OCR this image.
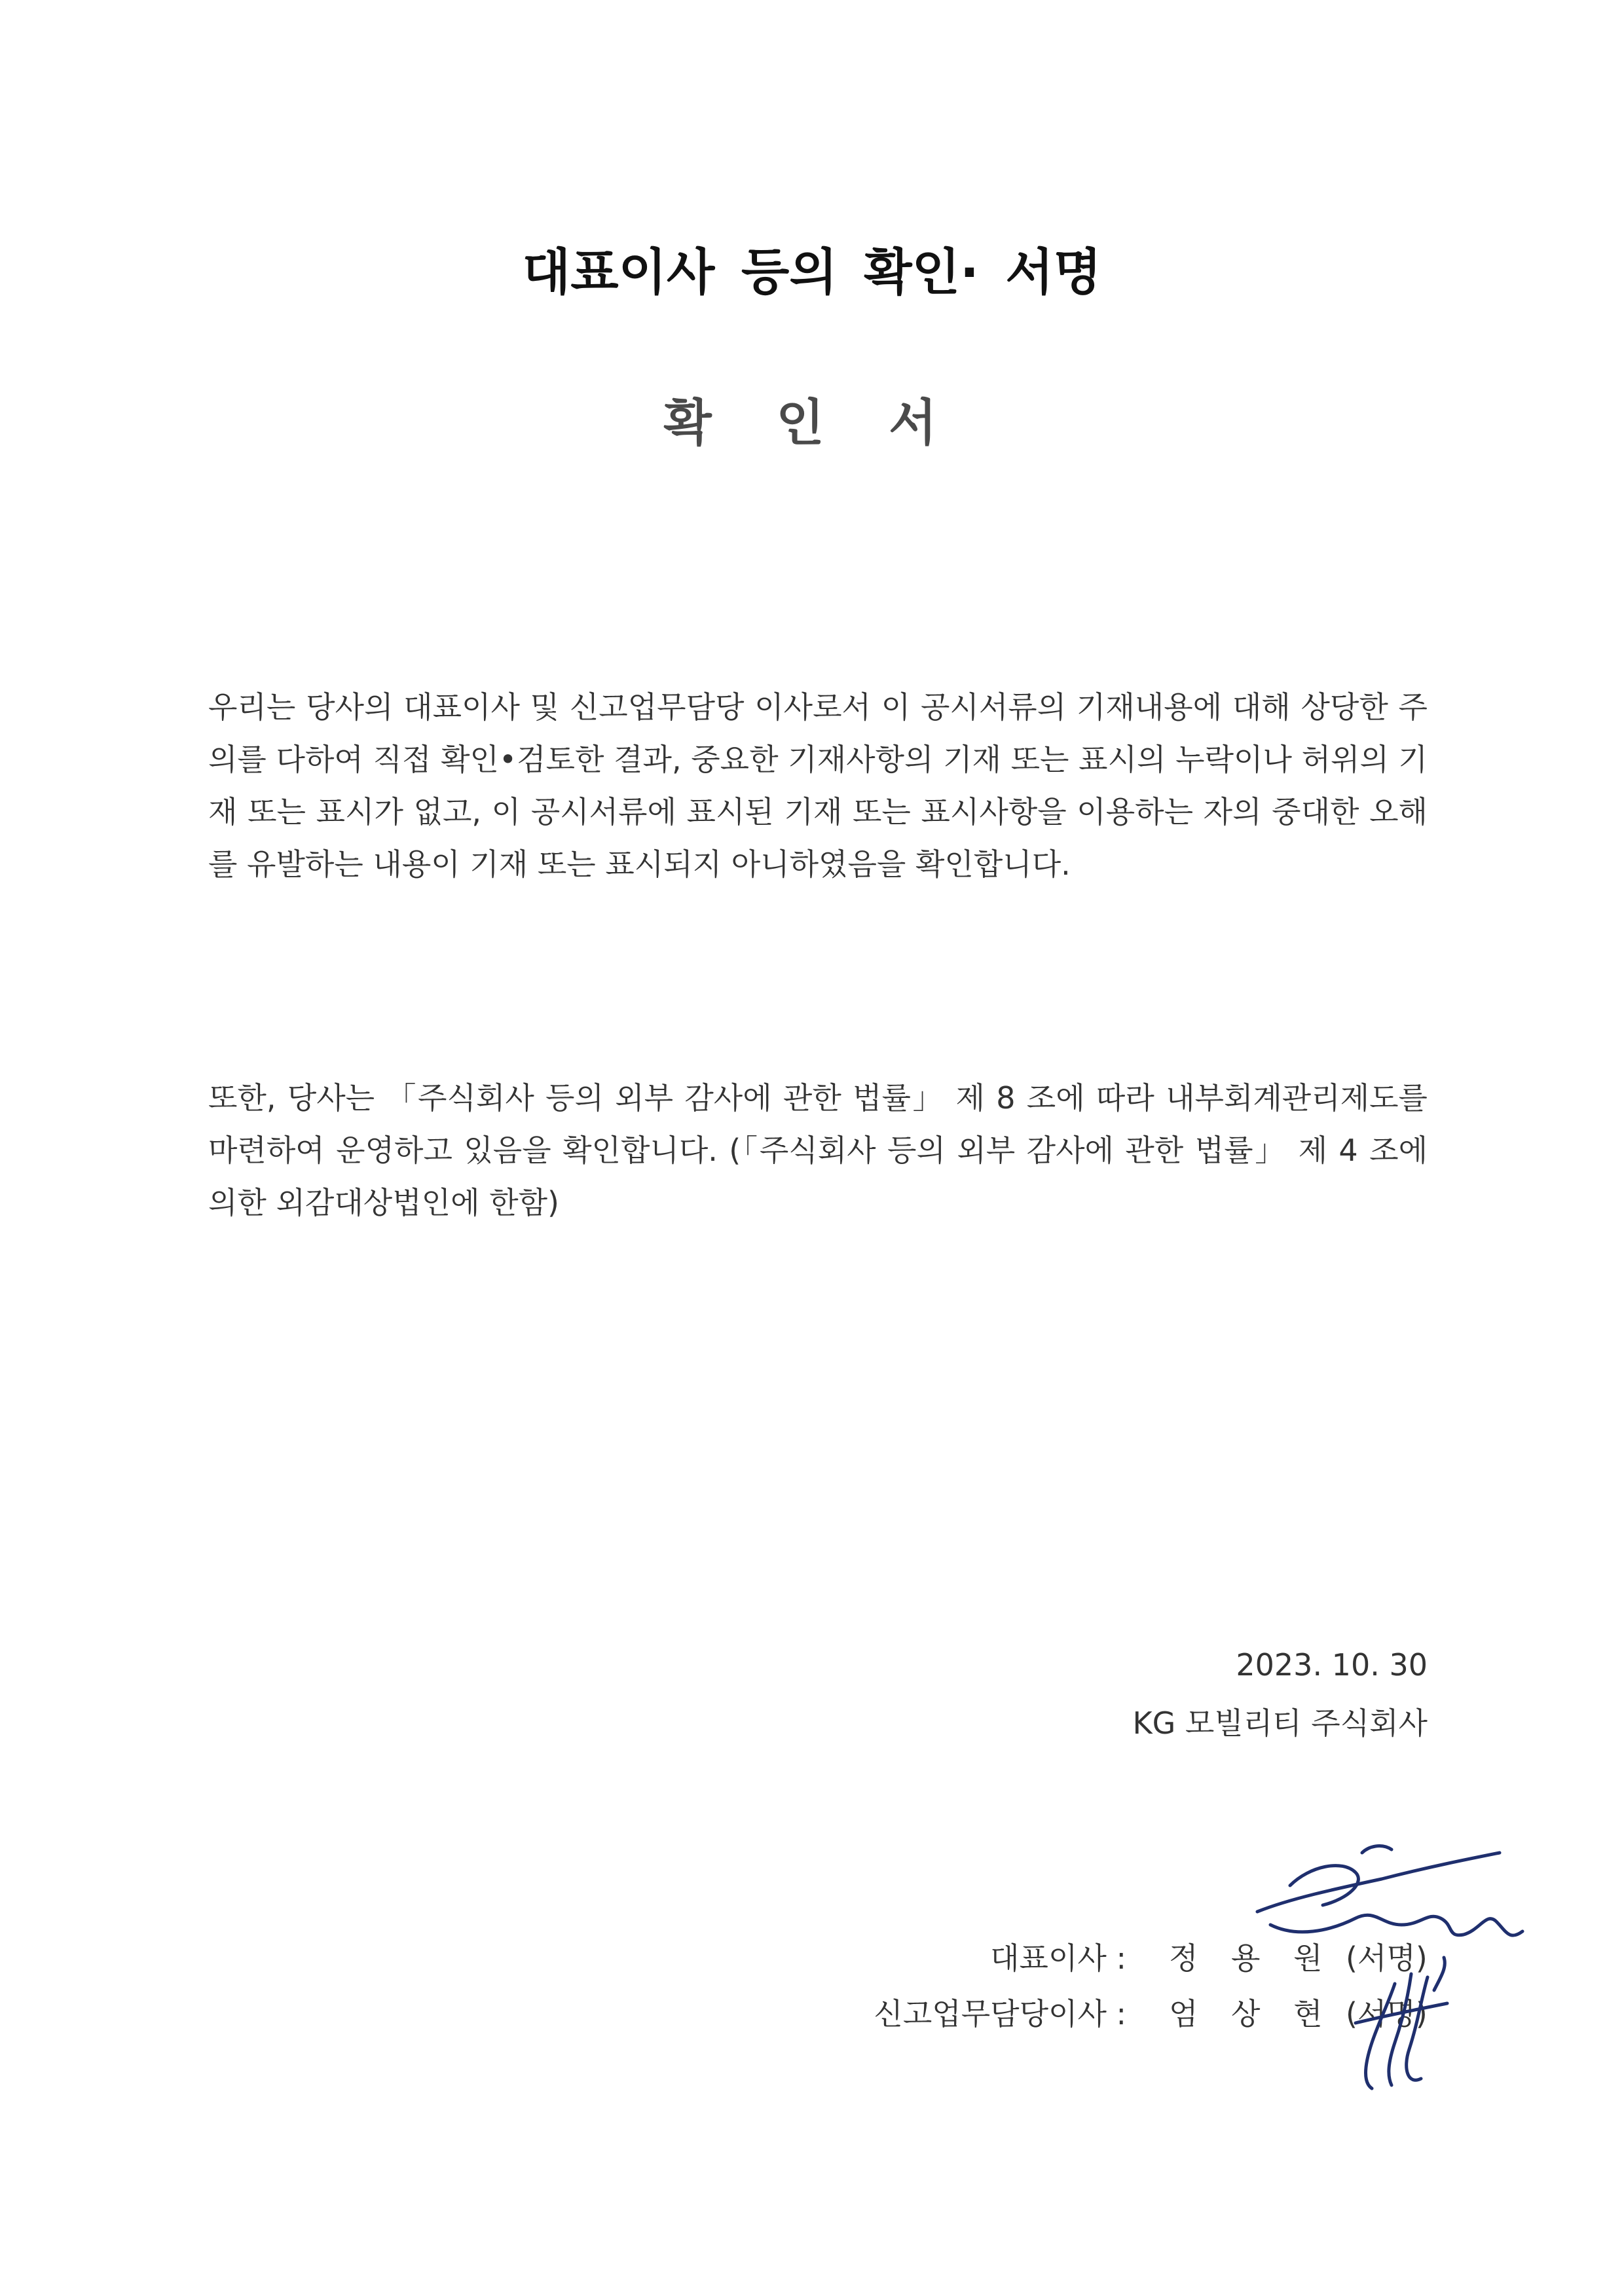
대표이사 등의 확인· 서명
확 인 서

우리는 당사의 대표이사 및 신고업무담당 이사로서 이 공시서류의 기재내용에 대해 상당한 주의를 다하여 직접 확인•검토한 결과, 중요한 기재사항의 기재 또는 표시의 누락이나 허위의 기재 또는 표시가 없고, 이 공시서류에 표시된 기재 또는 표시사항을 이용하는 자의 중대한 오해를 유발하는 내용이 기재 또는 표시되지 아니하였음을 확인합니다.

또한, 당사는 「주식회사 등의 외부 감사에 관한 법률」 제 8 조에 따라 내부회계관리제도를 마련하여 운영하고 있음을 확인합니다. (「주식회사 등의 외부 감사에 관한 법률」 제 4 조에 의한 외감대상법인에 한함)

2023. 10. 30
KG 모빌리티 주식회사
대표이사 : 정 용 원 (서명)
신고업무담당이사 : 엄 상 현 (서명)
